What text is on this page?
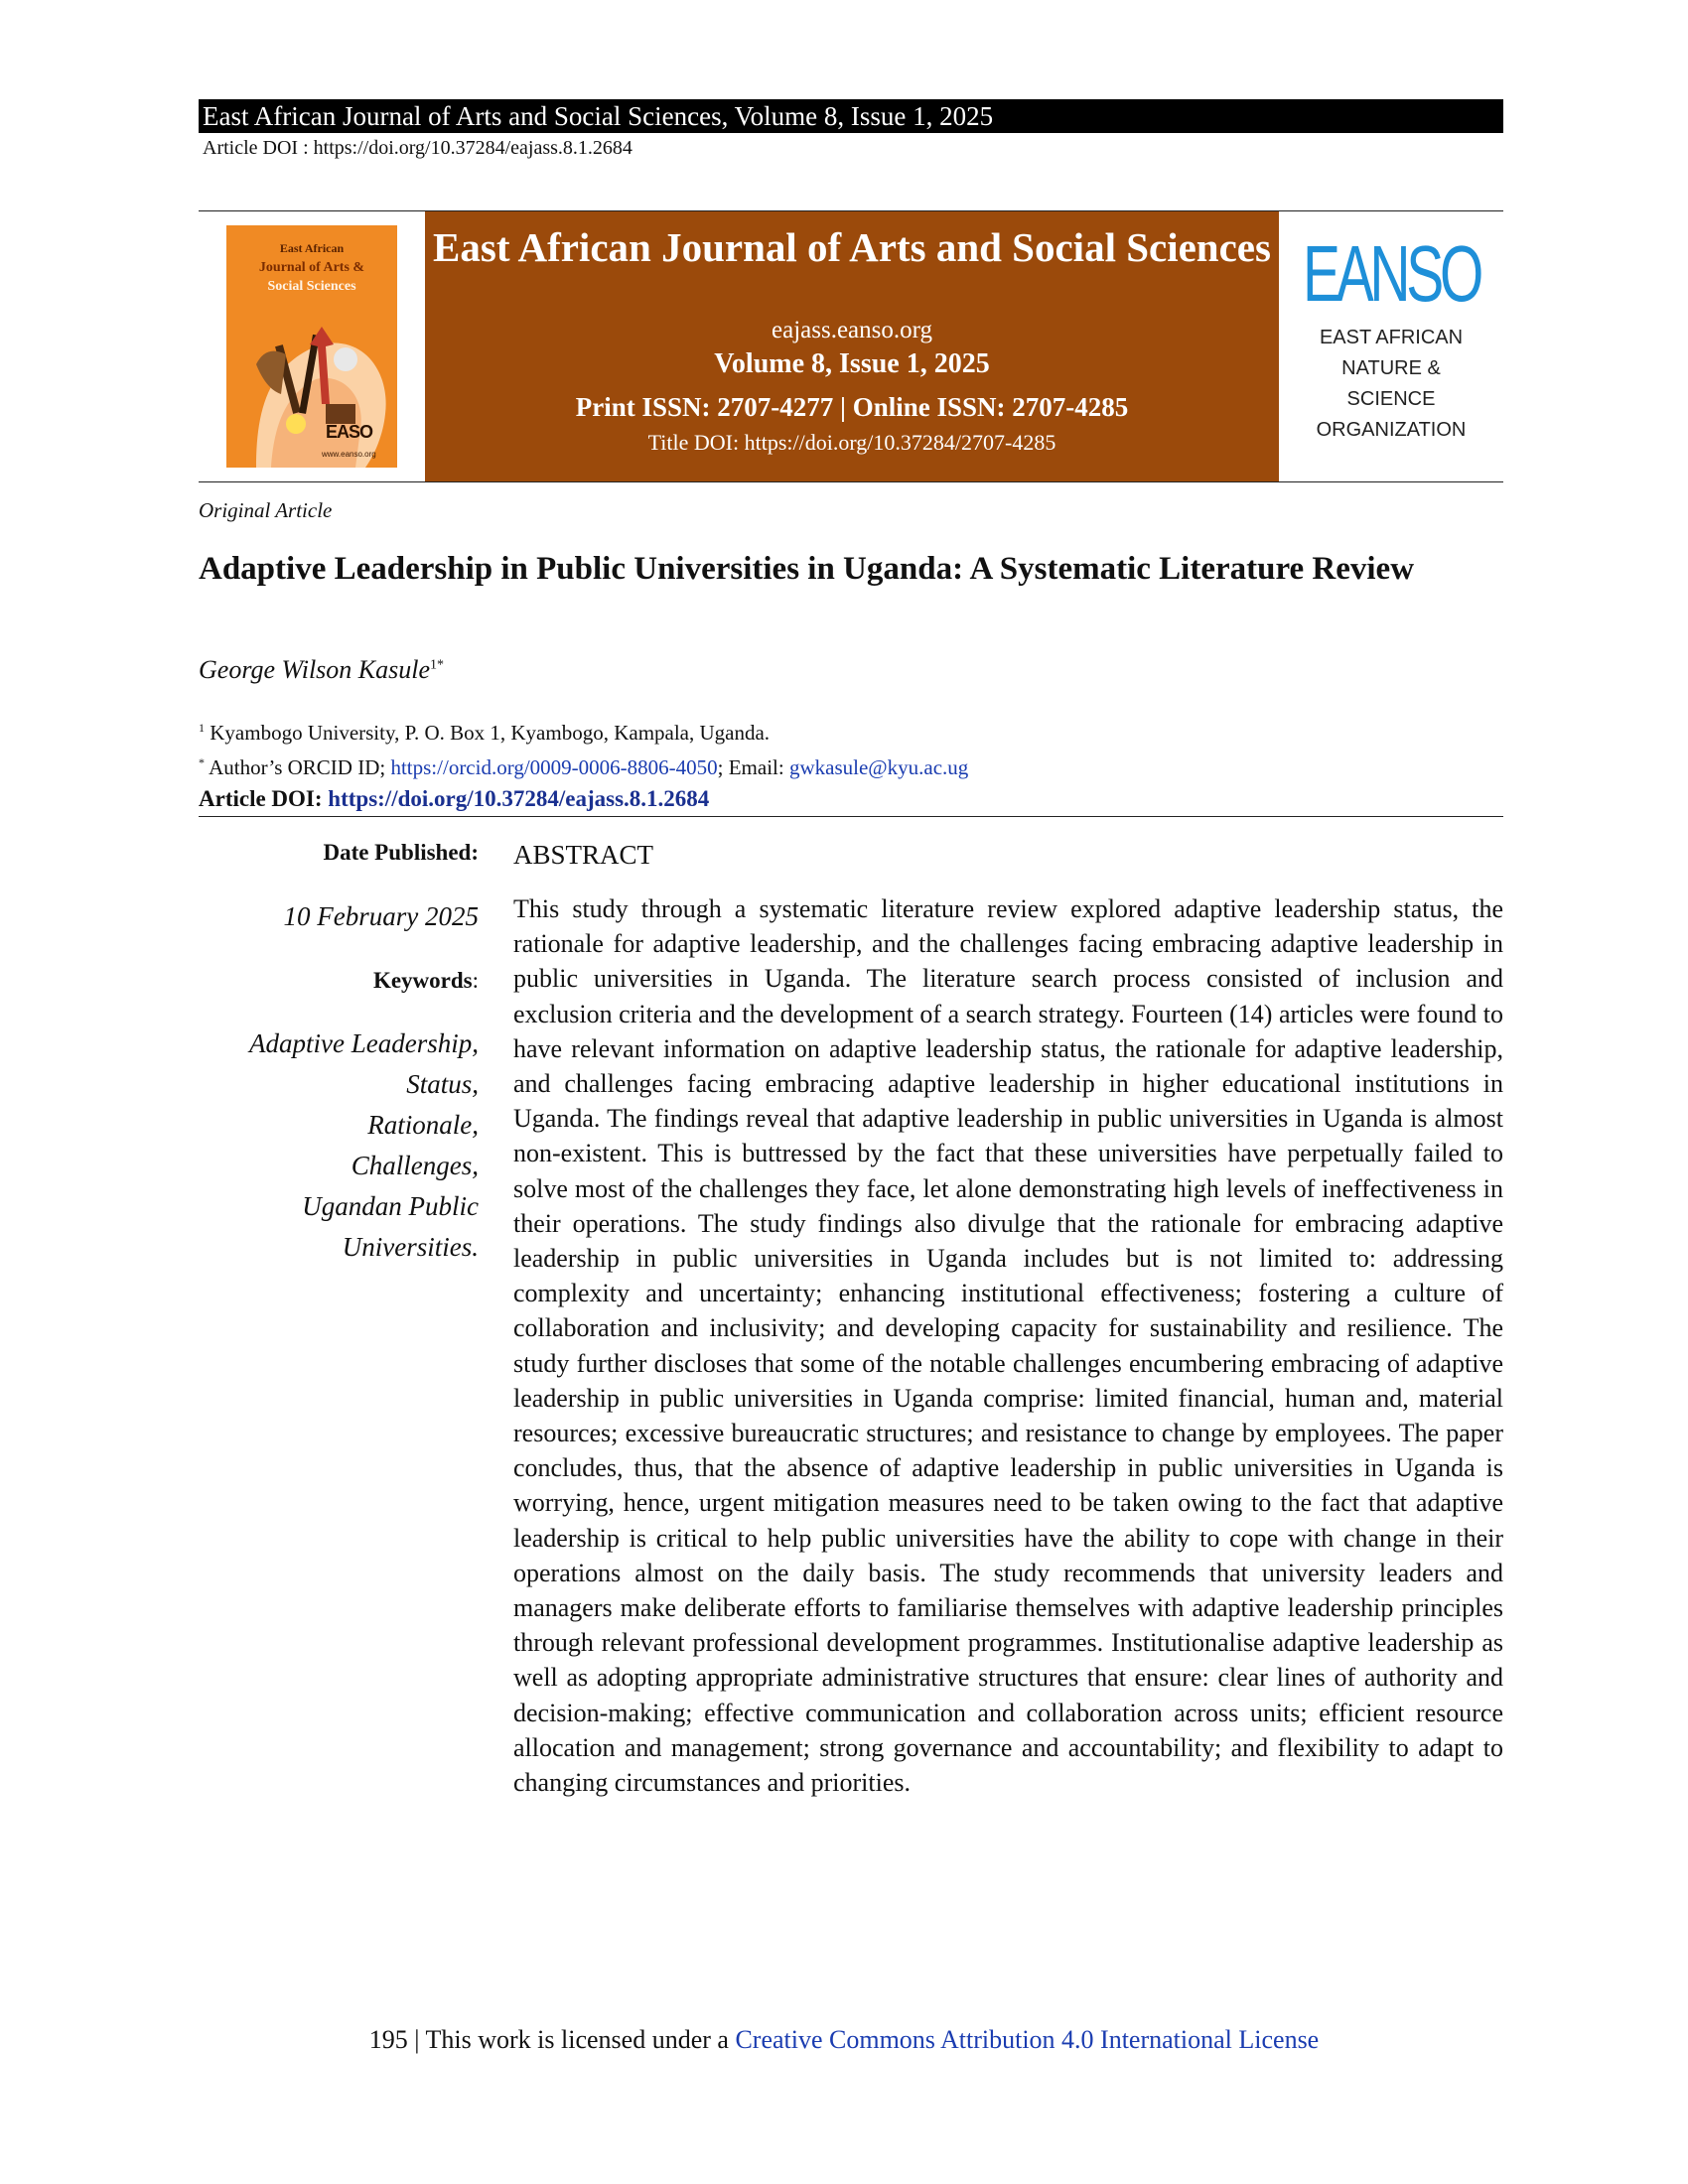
East African Journal of Arts and Social Sciences, Volume 8, Issue 1, 2025
Article DOI : https://doi.org/10.37284/eajass.8.1.2684
East African
Journal of Arts &
Social Sciences
EASO
www.eanso.org
East African Journal of Arts and Social Sciences
eajass.eanso.org
Volume 8, Issue 1, 2025
Print ISSN: 2707-4277 | Online ISSN: 2707-4285
Title DOI: https://doi.org/10.37284/2707-4285
EANSO
EAST AFRICAN
NATURE &
SCIENCE
ORGANIZATION
Original Article
Adaptive Leadership in Public Universities in Uganda: A Systematic Literature Review
George Wilson Kasule$^{1*}$
$^1$ Kyambogo University, P. O. Box 1, Kyambogo, Kampala, Uganda.
* Author’s ORCID ID; https://orcid.org/0009-0006-8806-4050; Email: gwkasule@kyu.ac.ug
Article DOI: https://doi.org/10.37284/eajass.8.1.2684
Date Published:
10 February 2025
Keywords:
Adaptive Leadership,
Status,
Rationale,
Challenges,
Ugandan Public
Universities.
ABSTRACT
This study through a systematic literature review explored adaptive leadership status, the rationale for adaptive leadership, and the challenges facing embracing adaptive leadership in public universities in Uganda. The literature search process consisted of inclusion and exclusion criteria and the development of a search strategy. Fourteen (14) articles were found to have relevant information on adaptive leadership status, the rationale for adaptive leadership, and challenges facing embracing adaptive leadership in higher educational institutions in Uganda. The findings reveal that adaptive leadership in public universities in Uganda is almost non-existent. This is buttressed by the fact that these universities have perpetually failed to solve most of the challenges they face, let alone demonstrating high levels of ineffectiveness in their operations. The study findings also divulge that the rationale for embracing adaptive leadership in public universities in Uganda includes but is not limited to: addressing complexity and uncertainty; enhancing institutional effectiveness; fostering a culture of collaboration and inclusivity; and developing capacity for sustainability and resilience. The study further discloses that some of the notable challenges encumbering embracing of adaptive leadership in public universities in Uganda comprise: limited financial, human and, material resources; excessive bureaucratic structures; and resistance to change by employees. The paper concludes, thus, that the absence of adaptive leadership in public universities in Uganda is worrying, hence, urgent mitigation measures need to be taken owing to the fact that adaptive leadership is critical to help public universities have the ability to cope with change in their operations almost on the daily basis. The study recommends that university leaders and managers make deliberate efforts to familiarise themselves with adaptive leadership principles through relevant professional development programmes. Institutionalise adaptive leadership as well as adopting appropriate administrative structures that ensure: clear lines of authority and decision-making; effective communication and collaboration across units; efficient resource allocation and management; strong governance and accountability; and flexibility to adapt to changing circumstances and priorities.
195 | This work is licensed under a Creative Commons Attribution 4.0 International License
